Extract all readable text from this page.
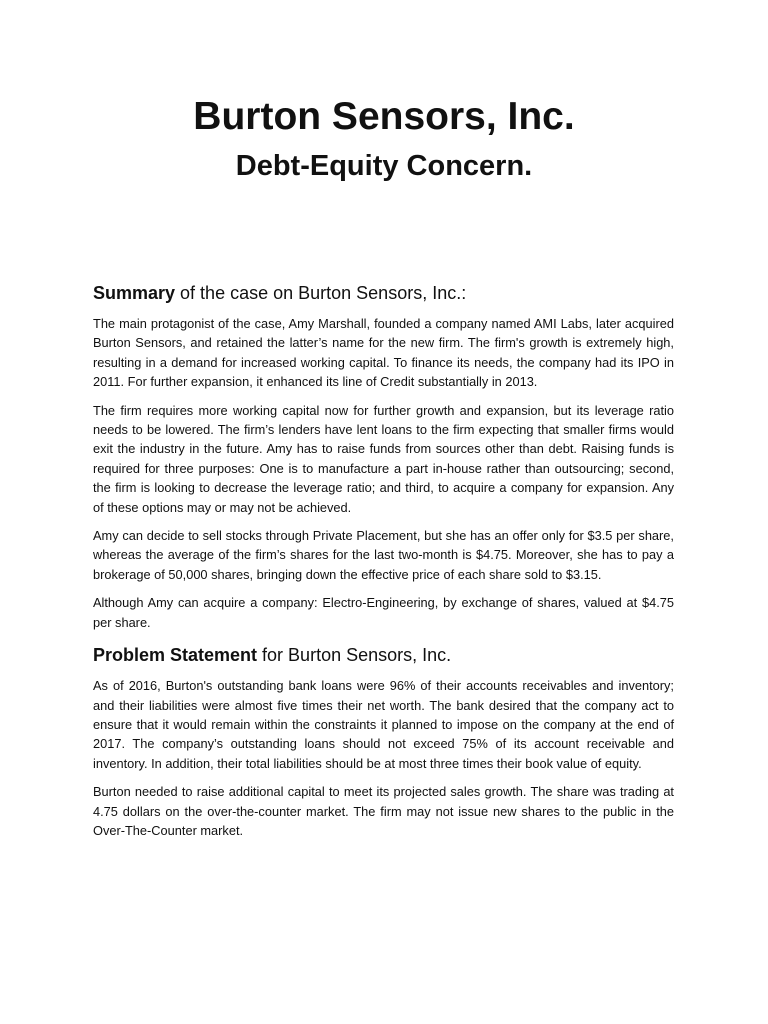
Burton Sensors, Inc.
Debt-Equity Concern.
Summary of the case on Burton Sensors, Inc.:

The main protagonist of the case, Amy Marshall, founded a company named AMI Labs, later acquired Burton Sensors, and retained the latter’s name for the new firm. The firm's growth is extremely high, resulting in a demand for increased working capital. To finance its needs, the company had its IPO in 2011. For further expansion, it enhanced its line of Credit substantially in 2013.

The firm requires more working capital now for further growth and expansion, but its leverage ratio needs to be lowered. The firm’s lenders have lent loans to the firm expecting that smaller firms would exit the industry in the future. Amy has to raise funds from sources other than debt. Raising funds is required for three purposes: One is to manufacture a part in-house rather than outsourcing; second, the firm is looking to decrease the leverage ratio; and third, to acquire a company for expansion. Any of these options may or may not be achieved.

Amy can decide to sell stocks through Private Placement, but she has an offer only for $3.5 per share, whereas the average of the firm’s shares for the last two-month is $4.75. Moreover, she has to pay a brokerage of 50,000 shares, bringing down the effective price of each share sold to $3.15.

Although Amy can acquire a company: Electro-Engineering, by exchange of shares, valued at $4.75 per share.

Problem Statement for Burton Sensors, Inc.

As of 2016, Burton's outstanding bank loans were 96% of their accounts receivables and inventory; and their liabilities were almost five times their net worth. The bank desired that the company act to ensure that it would remain within the constraints it planned to impose on the company at the end of 2017. The company’s outstanding loans should not exceed 75% of its account receivable and inventory. In addition, their total liabilities should be at most three times their book value of equity.

Burton needed to raise additional capital to meet its projected sales growth. The share was trading at 4.75 dollars on the over-the-counter market. The firm may not issue new shares to the public in the Over-The-Counter market.
